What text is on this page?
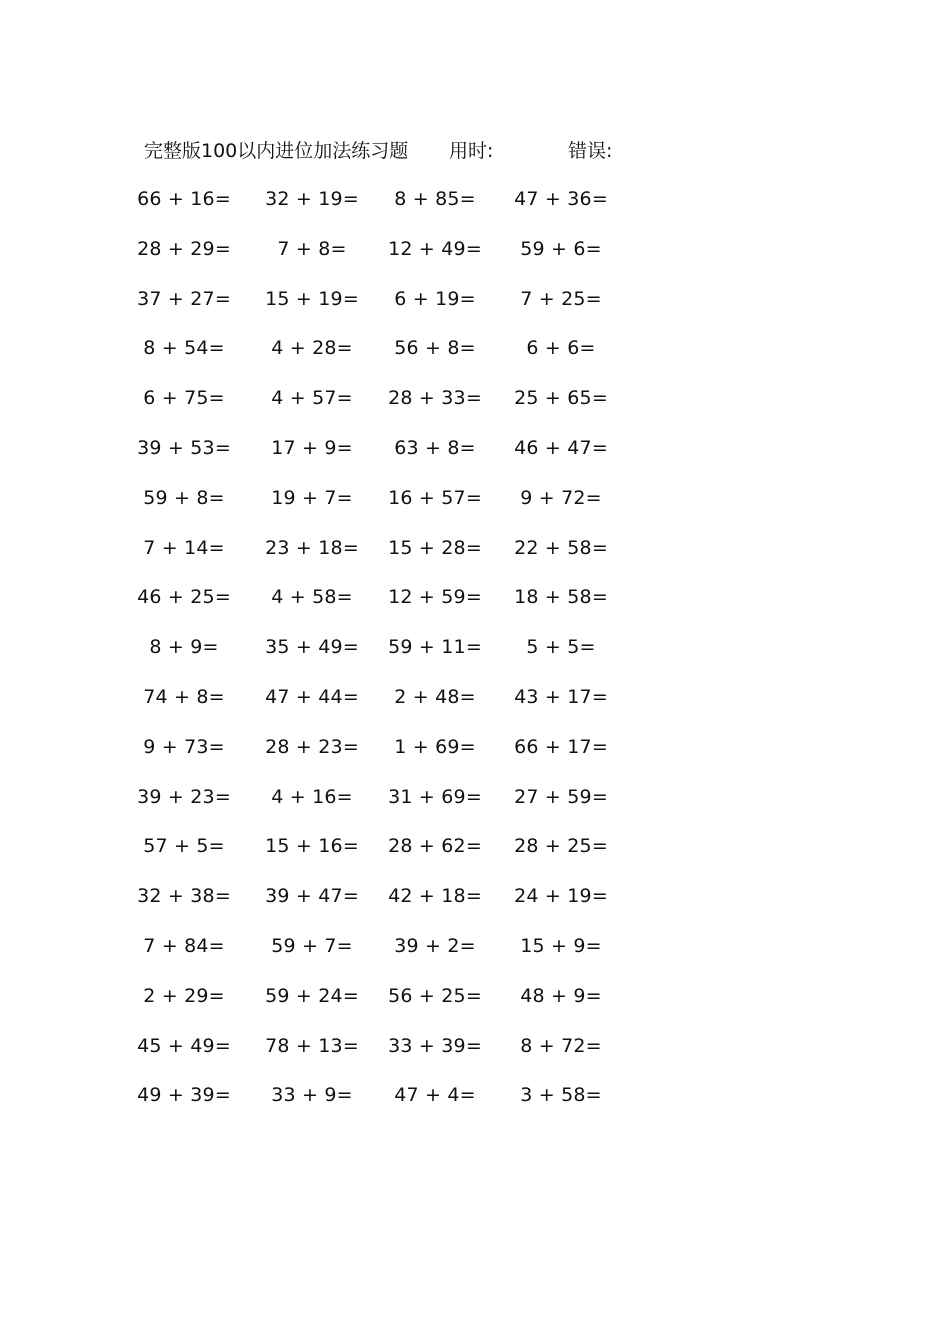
完整版100以内进位加法练习题 用时:	错误:
66 + 16= 32 + 19= 8 + 85= 47 + 36=
28 + 29= 7 + 8= 12 + 49= 59 + 6=
37 + 27= 15 + 19= 6 + 19= 7 + 25=
8 + 54= 4 + 28= 56 + 8=	6 + 6=
6 + 75= 4 + 57= 28 + 33= 25 + 65=
39 + 53= 17 + 9= 63 + 8= 46 + 47=
59 + 8= 19 + 7= 16 + 57= 9 + 72=
7 + 14= 23 + 18= 15 + 28= 22 + 58=
46 + 25= 4 + 58= 12 + 59= 18 + 58=
8 + 9= 35 + 49= 59 + 11= 5 + 5=
74 + 8= 47 + 44= 2 + 48= 43 + 17=
9 + 73= 28 + 23= 1 + 69= 66 + 17=
39 + 23= 4 + 16= 31 + 69= 27 + 59=
57 + 5= 15 + 16= 28 + 62= 28 + 25=
32 + 38= 39 + 47= 42 + 18= 24 + 19=
7 + 84= 59 + 7= 39 + 2= 15 + 9=
2 + 29= 59 + 24= 56 + 25= 48 + 9=
45 + 49= 78 + 13= 33 + 39= 8 + 72=
49 + 39= 33 + 9= 47 + 4= 3 + 58=
